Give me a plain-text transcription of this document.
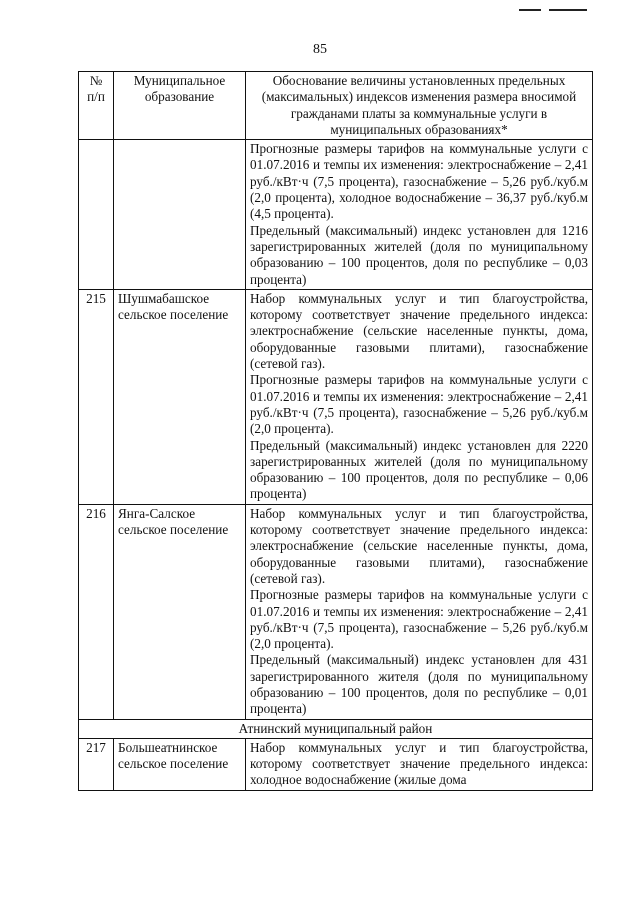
85
№ п/п	Муниципальное образование	Обоснование величины установленных предельных (максимальных) индексов изменения размера вносимой гражданами платы за коммунальные услуги в муниципальных образованиях*

		Прогнозные размеры тарифов на коммунальные услуги с 01.07.2016 и темпы их изменения: электроснабжение – 2,41 руб./кВт·ч (7,5 процента), газоснабжение – 5,26 руб./куб.м (2,0 процента), холодное водоснабжение – 36,37 руб./куб.м (4,5 процента).

Предельный (максимальный) индекс установлен для 1216 зарегистрированных жителей (доля по муниципальному образованию – 100 процентов, доля по республике – 0,03 процента)

215	Шушмабашское сельское поселение	Набор коммунальных услуг и тип благоустройства, которому соответствует значение предельного индекса: электроснабжение (сельские населенные пункты, дома, оборудованные газовыми плитами), газоснабжение (сетевой газ).

Прогнозные размеры тарифов на коммунальные услуги с 01.07.2016 и темпы их изменения: электроснабжение – 2,41 руб./кВт·ч (7,5 процента), газоснабжение – 5,26 руб./куб.м (2,0 процента).

Предельный (максимальный) индекс установлен для 2220 зарегистрированных жителей (доля по муниципальному образованию – 100 процентов, доля по республике – 0,06 процента)

216	Янга-Салское сельское поселение	Набор коммунальных услуг и тип благоустройства, которому соответствует значение предельного индекса: электроснабжение (сельские населенные пункты, дома, оборудованные газовыми плитами), газоснабжение (сетевой газ).

Прогнозные размеры тарифов на коммунальные услуги с 01.07.2016 и темпы их изменения: электроснабжение – 2,41 руб./кВт·ч (7,5 процента), газоснабжение – 5,26 руб./куб.м (2,0 процента).

Предельный (максимальный) индекс установлен для 431 зарегистрированного жителя (доля по муниципальному образованию – 100 процентов, доля по республике – 0,01 процента)

Атнинский муниципальный район		
217	Большеатнинское сельское поселение	Набор коммунальных услуг и тип благоустройства, которому соответствует значение предельного индекса: холодное водоснабжение (жилые дома
